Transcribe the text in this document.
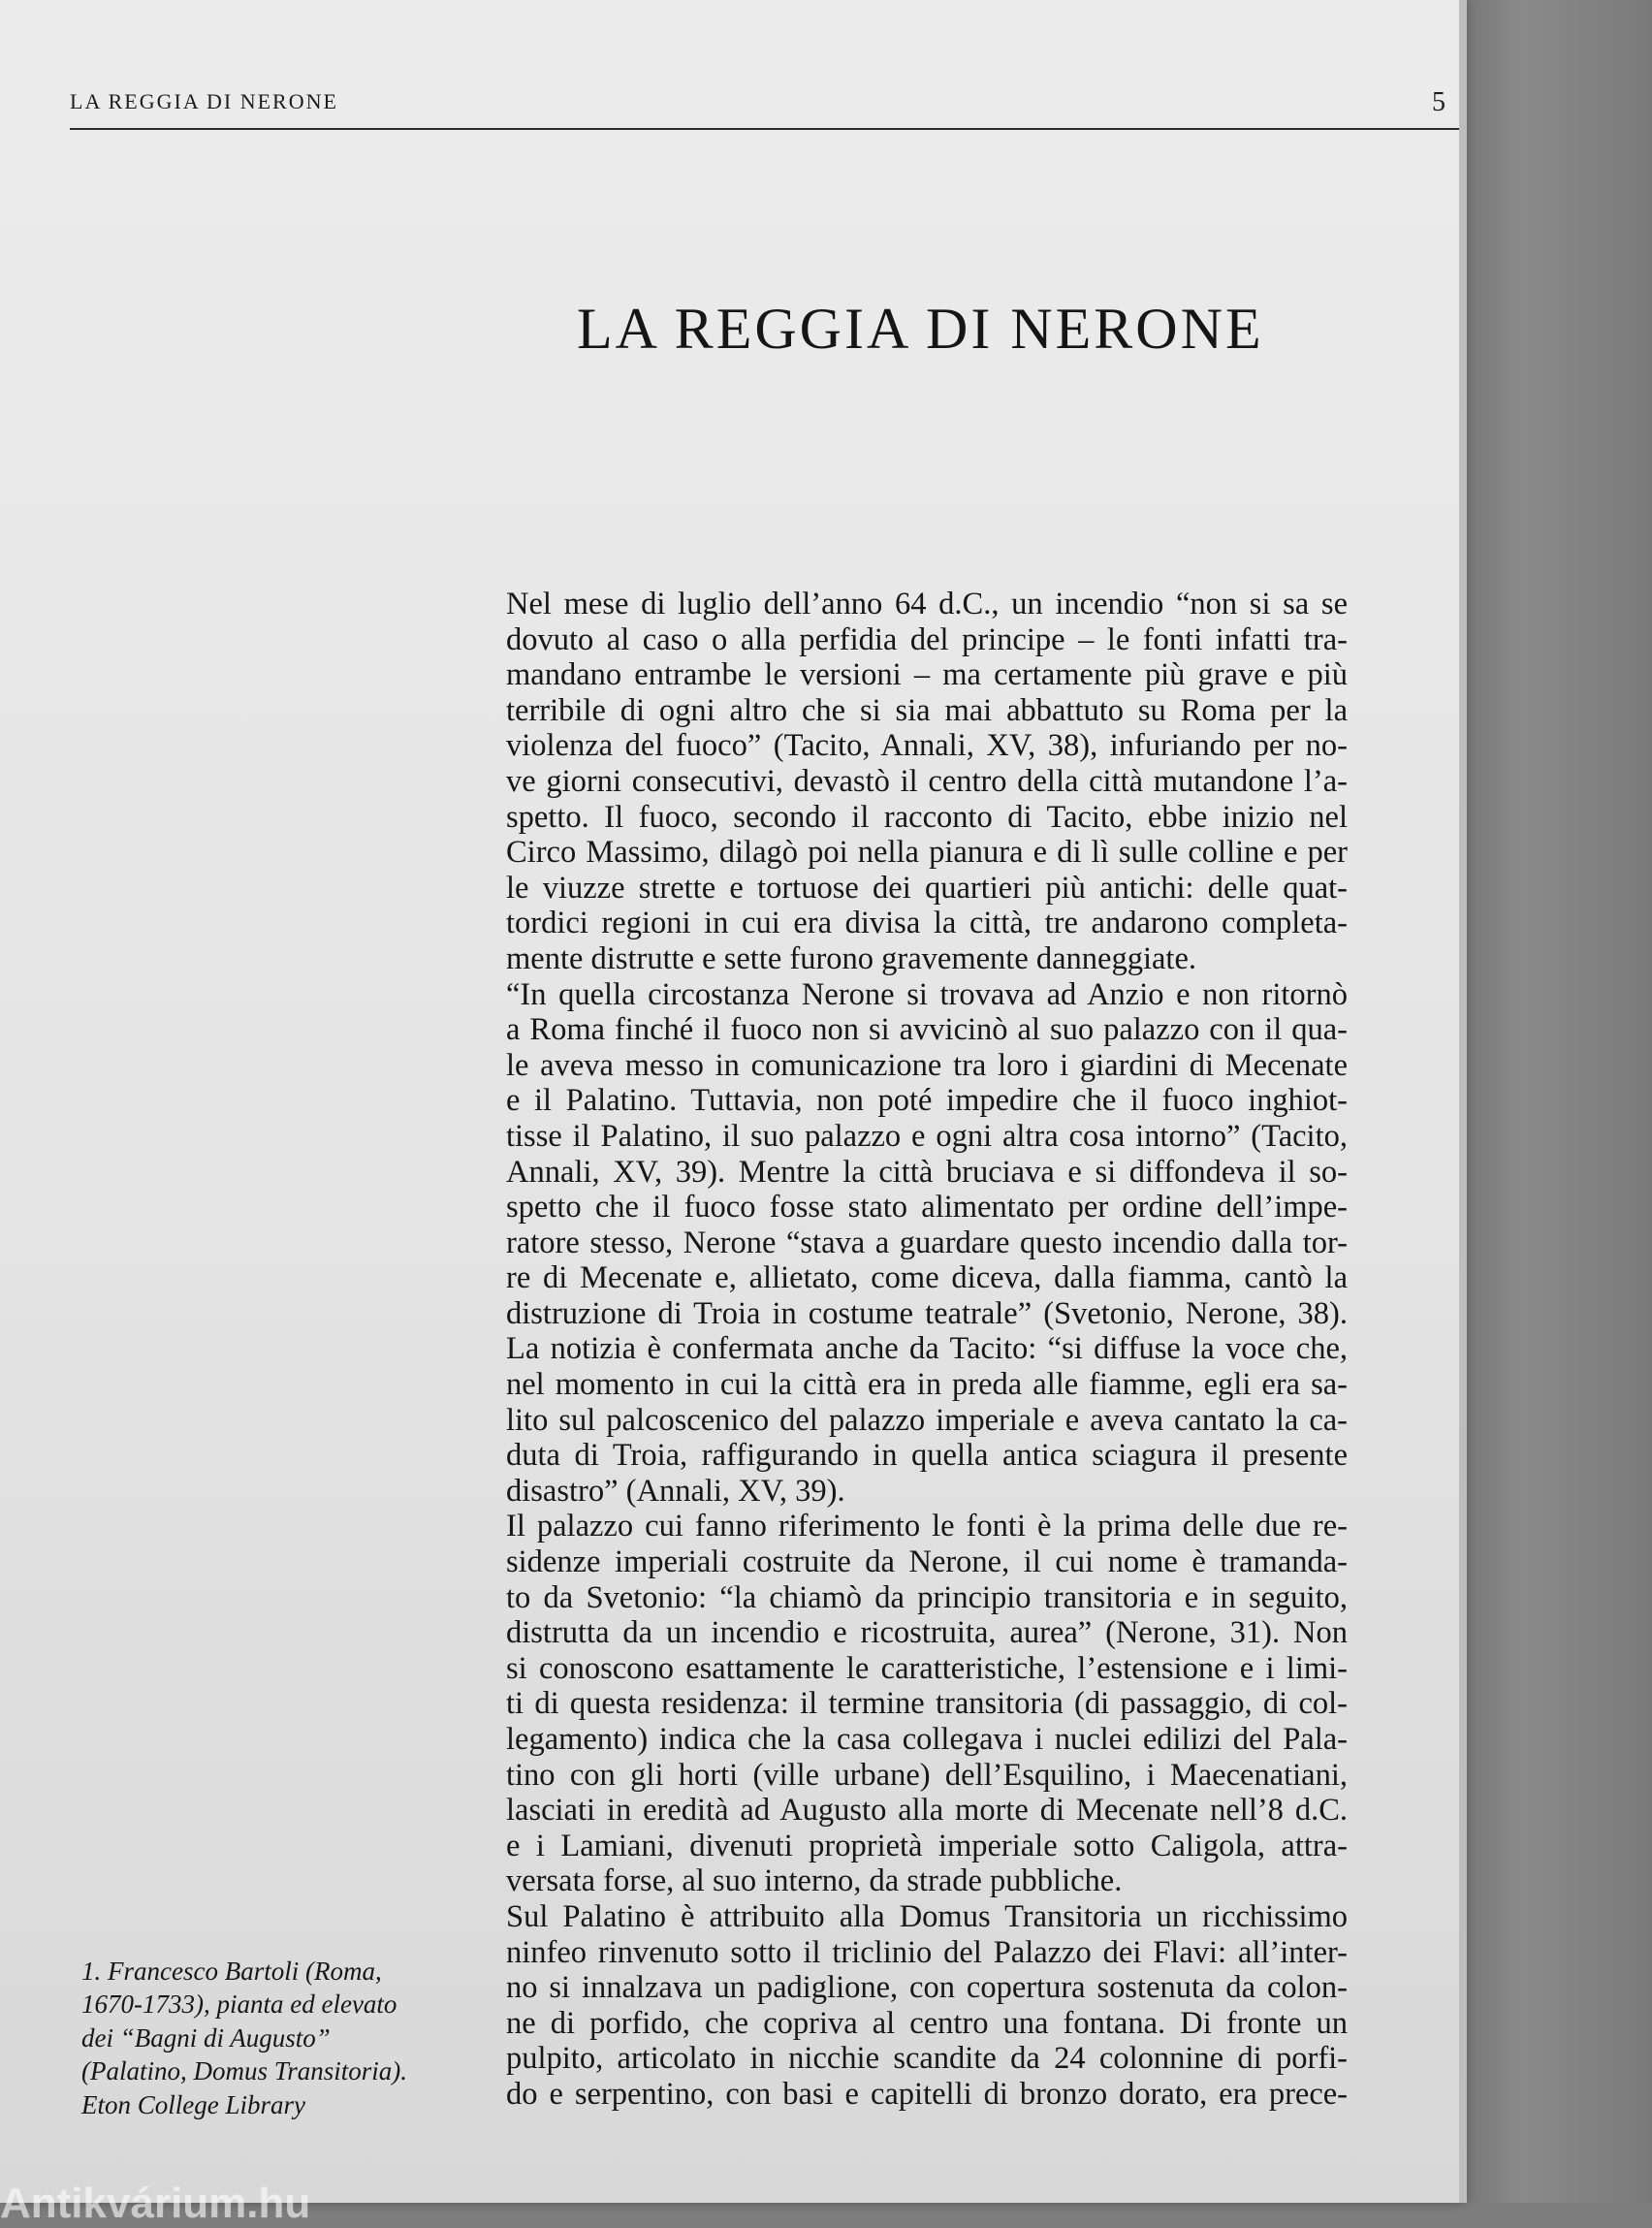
LA REGGIA DI NERONE	5
LA REGGIA DI NERONE
Nel mese di luglio dell’anno 64 d.C., un incendio “non si sa se
dovuto al caso o alla perfidia del principe – le fonti infatti tra-
mandano entrambe le versioni – ma certamente più grave e più
terribile di ogni altro che si sia mai abbattuto su Roma per la
violenza del fuoco” (Tacito, Annali, XV, 38), infuriando per no-
ve giorni consecutivi, devastò il centro della città mutandone l’a-
spetto. Il fuoco, secondo il racconto di Tacito, ebbe inizio nel
Circo Massimo, dilagò poi nella pianura e di lì sulle colline e per
le viuzze strette e tortuose dei quartieri più antichi: delle quat-
tordici regioni in cui era divisa la città, tre andarono completa-
mente distrutte e sette furono gravemente danneggiate.
“In quella circostanza Nerone si trovava ad Anzio e non ritornò
a Roma finché il fuoco non si avvicinò al suo palazzo con il qua-
le aveva messo in comunicazione tra loro i giardini di Mecenate
e il Palatino. Tuttavia, non poté impedire che il fuoco inghiot-
tisse il Palatino, il suo palazzo e ogni altra cosa intorno” (Tacito,
Annali, XV, 39). Mentre la città bruciava e si diffondeva il so-
spetto che il fuoco fosse stato alimentato per ordine dell’impe-
ratore stesso, Nerone “stava a guardare questo incendio dalla tor-
re di Mecenate e, allietato, come diceva, dalla fiamma, cantò la
distruzione di Troia in costume teatrale” (Svetonio, Nerone, 38).
La notizia è confermata anche da Tacito: “si diffuse la voce che,
nel momento in cui la città era in preda alle fiamme, egli era sa-
lito sul palcoscenico del palazzo imperiale e aveva cantato la ca-
duta di Troia, raffigurando in quella antica sciagura il presente
disastro” (Annali, XV, 39).
Il palazzo cui fanno riferimento le fonti è la prima delle due re-
sidenze imperiali costruite da Nerone, il cui nome è tramanda-
to da Svetonio: “la chiamò da principio transitoria e in seguito,
distrutta da un incendio e ricostruita, aurea” (Nerone, 31). Non
si conoscono esattamente le caratteristiche, l’estensione e i limi-
ti di questa residenza: il termine transitoria (di passaggio, di col-
legamento) indica che la casa collegava i nuclei edilizi del Pala-
tino con gli horti (ville urbane) dell’Esquilino, i Maecenatiani,
lasciati in eredità ad Augusto alla morte di Mecenate nell’8 d.C.
e i Lamiani, divenuti proprietà imperiale sotto Caligola, attra-
versata forse, al suo interno, da strade pubbliche.
Sul Palatino è attribuito alla Domus Transitoria un ricchissimo
ninfeo rinvenuto sotto il triclinio del Palazzo dei Flavi: all’inter-
no si innalzava un padiglione, con copertura sostenuta da colon-
ne di porfido, che copriva al centro una fontana. Di fronte un
pulpito, articolato in nicchie scandite da 24 colonnine di porfi-
do e serpentino, con basi e capitelli di bronzo dorato, era prece-
1. Francesco Bartoli (Roma,
1670-1733), pianta ed elevato
dei “Bagni di Augusto”
(Palatino, Domus Transitoria).
Eton College Library
Antikvárium.hu
